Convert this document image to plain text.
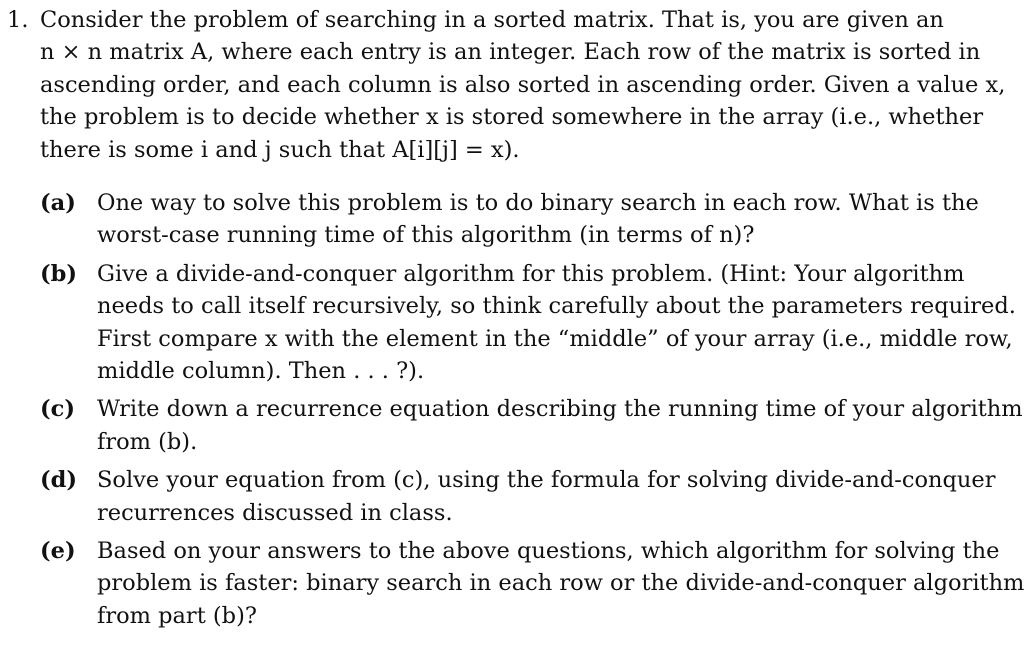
1. Consider the problem of searching in a sorted matrix. That is, you are given an
n × n matrix A, where each entry is an integer. Each row of the matrix is sorted in
ascending order, and each column is also sorted in ascending order. Given a value x,
the problem is to decide whether x is stored somewhere in the array (i.e., whether
there is some i and j such that A[i][j] = x).
(a) One way to solve this problem is to do binary search in each row. What is the
worst-case running time of this algorithm (in terms of n)?
(b) Give a divide-and-conquer algorithm for this problem. (Hint: Your algorithm
needs to call itself recursively, so think carefully about the parameters required.
First compare x with the element in the “middle” of your array (i.e., middle row,
middle column). Then . . . ?).
(c) Write down a recurrence equation describing the running time of your algorithm
from (b).
(d) Solve your equation from (c), using the formula for solving divide-and-conquer
recurrences discussed in class.
(e) Based on your answers to the above questions, which algorithm for solving the
problem is faster: binary search in each row or the divide-and-conquer algorithm
from part (b)?
